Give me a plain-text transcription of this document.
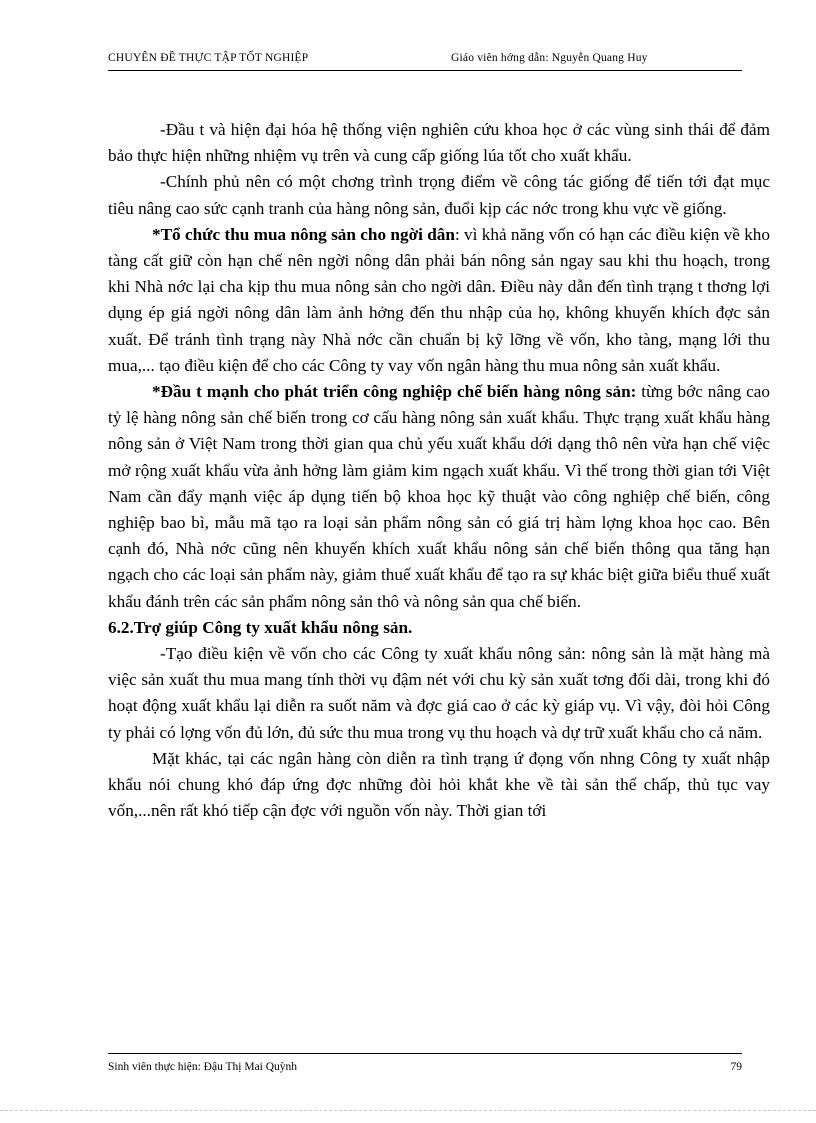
CHUYÊN ĐỀ THỰC TẬP TỐT NGHIỆP	Giáo viên hớng dẫn: Nguyễn Quang Huy

-Đầu t và hiện đại hóa hệ thống viện nghiên cứu khoa học ở các vùng sinh thái để đảm bảo thực hiện những nhiệm vụ trên và cung cấp giống lúa tốt cho xuất khẩu.

-Chính phủ nên có một chơng trình trọng điểm về công tác giống để tiến tới đạt mục tiêu nâng cao sức cạnh tranh của hàng nông sản, đuổi kịp các nớc trong khu vực về giống.

*Tổ chức thu mua nông sản cho ngời dân: vì khả năng vốn có hạn các điều kiện về kho tàng cất giữ còn hạn chế nên ngời nông dân phải bán nông sản ngay sau khi thu hoạch, trong khi Nhà nớc lại cha kịp thu mua nông sản cho ngời dân. Điều này dẫn đến tình trạng t thơng lợi dụng ép giá ngời nông dân làm ảnh hởng đến thu nhập của họ, không khuyến khích đợc sản xuất. Để tránh tình trạng này Nhà nớc cần chuẩn bị kỹ lỡng về vốn, kho tàng, mạng lới thu mua,... tạo điều kiện để cho các Công ty vay vốn ngân hàng thu mua nông sản xuất khẩu.

*Đầu t mạnh cho phát triển công nghiệp chế biến hàng nông sản: từng bớc nâng cao tỷ lệ hàng nông sản chế biến trong cơ cấu hàng nông sản xuất khẩu. Thực trạng xuất khẩu hàng nông sản ở Việt Nam trong thời gian qua chủ yếu xuất khẩu dới dạng thô nên vừa hạn chế việc mở rộng xuất khẩu vừa ảnh hởng làm giảm kim ngạch xuất khẩu. Vì thế trong thời gian tới Việt Nam cần đẩy mạnh việc áp dụng tiến bộ khoa học kỹ thuật vào công nghiệp chế biến, công nghiệp bao bì, mẫu mã tạo ra loại sản phẩm nông sản có giá trị hàm lợng khoa học cao. Bên cạnh đó, Nhà nớc cũng nên khuyến khích xuất khẩu nông sản chế biến thông qua tăng hạn ngạch cho các loại sản phẩm này, giảm thuế xuất khẩu để tạo ra sự khác biệt giữa biểu thuế xuất khẩu đánh trên các sản phẩm nông sản thô và nông sản qua chế biến.

6.2.Trợ giúp Công ty xuất khẩu nông sản.

-Tạo điều kiện về vốn cho các Công ty xuất khẩu nông sản: nông sản là mặt hàng mà việc sản xuất thu mua mang tính thời vụ đậm nét với chu kỳ sản xuất tơng đối dài, trong khi đó hoạt động xuất khẩu lại diễn ra suốt năm và đợc giá cao ở các kỳ giáp vụ. Vì vậy, đòi hỏi Công ty phải có lợng vốn đủ lớn, đủ sức thu mua trong vụ thu hoạch và dự trữ xuất khẩu cho cả năm.

Mặt khác, tại các ngân hàng còn diễn ra tình trạng ứ đọng vốn nhng Công ty xuất nhập khẩu nói chung khó đáp ứng đợc những đòi hỏi khắt khe về tài sản thế chấp, thủ tục vay vốn,...nên rất khó tiếp cận đợc với nguồn vốn này. Thời gian tới

Sinh viên thực hiện: Đậu Thị Mai Quỳnh	79
